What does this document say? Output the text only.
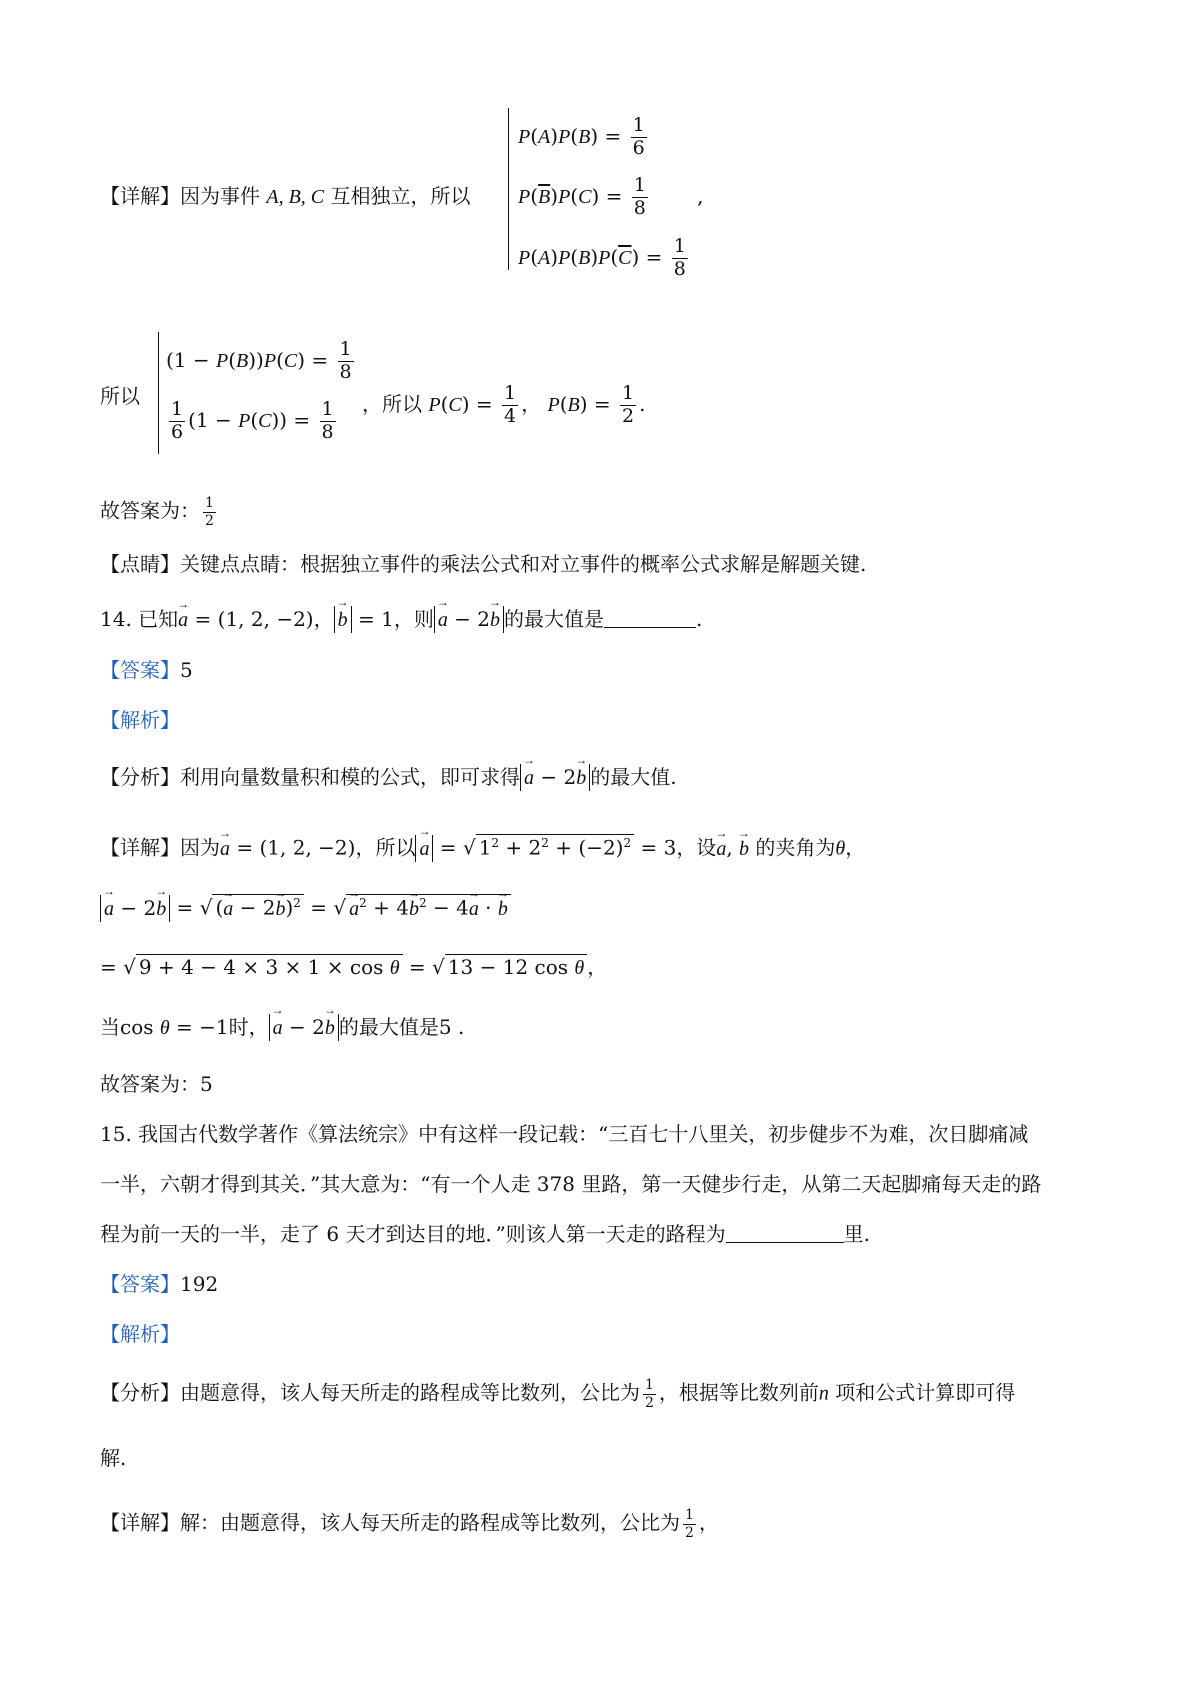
【详解】因为事件 A, B, C 互相独立，所以
$P(A)P(B) = \frac{1}{6}$
$P(\overline{B})P(C) = \frac{1}{8}$ ,
$P(A)P(B)P(\overline{C}) = \frac{1}{8}$
所以
$(1 - P(B))P(C) = \frac{1}{8}$
$\frac{1}{6} (1 - P(C)) = \frac{1}{8}$ ，所以 $P(C) = \frac{1}{4}$ ， $P(B) = \frac{1}{2}$ .
故答案为： $\frac{1}{2}$
【点睛】关键点点睛：根据独立事件的乘法公式和对立事件的概率公式求解是解题关键.
14. 已知→ a = (1, 2, −2)， → b = 1，则 → a − 2→ b 的最大值是	.
【答案】5
【解析】
【分析】利用向量数量积和模的公式，即可求得 → a − 2→ b 的最大值.
【详解】因为→ a = (1, 2, −2)，所以 → a = √ $1^2 + 2^2 + (-2)^2 = 3$，设→ a, → b 的夹角为θ，
→ a − 2→ b = √ (→ a − 2→ b)$^2$ = √ → $a^2 + 4\to b^2 - 4\to a$ · → b
= √ 9 + 4 − 4 × 3 × 1 × cos θ = √ 13 − 12 cos θ ，
当cos θ = −1时， → a − 2→ b 的最大值是5 .
故答案为：5
15. 我国古代数学著作《算法统宗》中有这样一段记载：“三百七十八里关，初步健步不为难，次日脚痛减
一半，六朝才得到其关．”其大意为：“有一个人走 378 里路，第一天健步行走，从第二天起脚痛每天走的路
程为前一天的一半，走了 6 天才到达目的地．”则该人第一天走的路程为	里.
【答案】192
【解析】
【分析】由题意得，该人每天所走的路程成等比数列，公比为 $\frac{1}{2}$ ，根据等比数列前n 项和公式计算即可得
解.
【详解】解：由题意得，该人每天所走的路程成等比数列，公比为 $\frac{1}{2}$ ，
